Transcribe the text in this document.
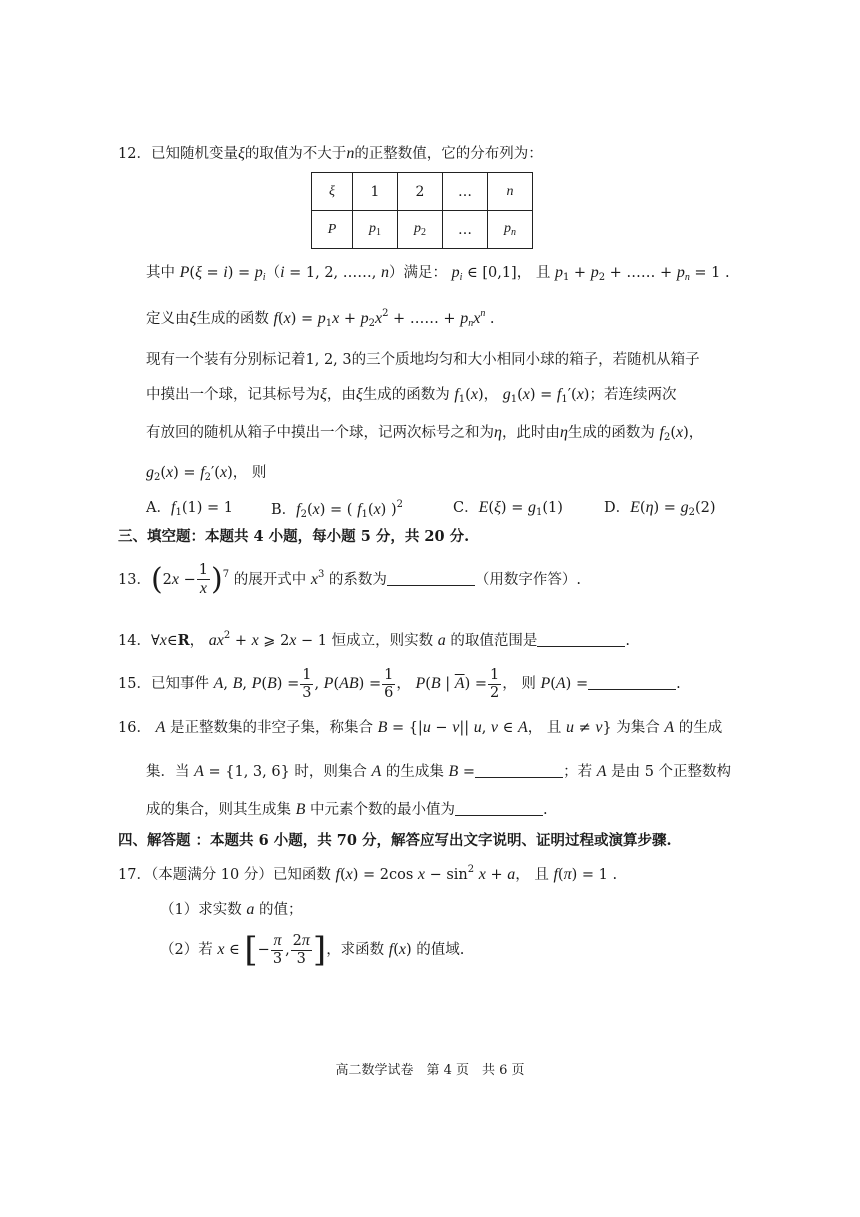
12．已知随机变量ξ的取值为不大于n的正整数值，它的分布列为：
ξ	1	2	…	n
P	$p_1$	$p_2$	…	$p_n$
其中 $P(\xi = i) = p_i(i = 1$, 2, ……, n）满足： $p_i$ ∈ [0,1]， 且 $p_1 + p_2$ + …… + $p_n = 1$ .
定义由ξ生成的函数 $f(x) = p_1x + p_2x^2$ + …… + $p_nx^n$ .
现有一个装有分别标记着1, 2, 3的三个质地均匀和大小相同小球的箱子，若随机从箱子
中摸出一个球，记其标号为ξ，由ξ生成的函数为 $f_1(x)$， $g_1(x) = f_1'(x)$；若连续两次
有放回的随机从箱子中摸出一个球，记两次标号之和为η，此时由η生成的函数为 $f_2(x)$，
$g_2(x) = f_2'(x)$， 则
A．$f_1(1) = 1$	B．$f_2(x)$ = ( $f_1(x)$ )$^2$	C．$E(\xi) = g_1(1)$	D．$E(\eta) = g_2(2)$
三、填空题：本题共 4 小题，每小题 5 分，共 20 分.
13．$(2x - \frac{1}{x} )^7$ 的展开式中 $x^3$ 的系数为	（用数字作答）.
14．∀x∈R， $ax^2 + x$ ⩾ 2x − 1 恒成立，则实数 a 的取值范围是	.
15．已知事件 A, B, $P(B) = \frac{1}{3}$ , $P(AB) = \frac{1}{6}$ ， P(B | $\overline{A}) = \frac{1}{2}$ ， 则 P(A) =	.
16． A 是正整数集的非空子集，称集合 B = {|u − v|| u, v ∈ A， 且 u ≠ v} 为集合 A 的生成
集．当 A = {1, 3, 6} 时，则集合 A 的生成集 B =	；若 A 是由 5 个正整数构
成的集合，则其生成集 B 中元素个数的最小值为	.
四、解答题 ：本题共 6 小题，共 70 分，解答应写出文字说明、证明过程或演算步骤.
17．（本题满分 10 分）已知函数 f(x) = 2cos $x - \sin^2 x + a$， 且 f(π) = 1 .
（1）求实数 a 的值；
（2）若 x ∈ [− $\frac{\pi}{3}$ , $\frac{2\pi}{3}$ ]，求函数 f(x) 的值域.
高二数学试卷　第 4 页　共 6 页
